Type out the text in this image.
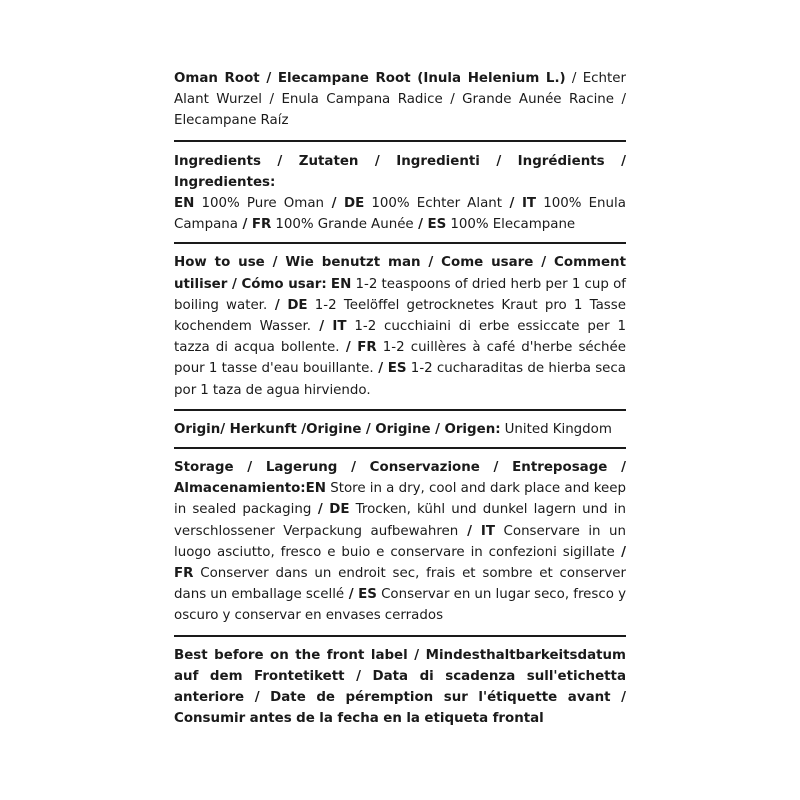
Oman Root / Elecampane Root (Inula Helenium L.) / Echter Alant Wurzel / Enula Campana Radice / Grande Aunée Racine / Elecampane Raíz
Ingredients / Zutaten / Ingredienti / Ingrédients / Ingredientes:
EN 100% Pure Oman / DE 100% Echter Alant / IT 100% Enula Campana / FR 100% Grande Aunée / ES 100% Elecampane
How to use / Wie benutzt man / Come usare / Comment utiliser / Cómo usar: EN 1-2 teaspoons of dried herb per 1 cup of boiling water. / DE 1-2 Teelöffel getrocknetes Kraut pro 1 Tasse kochendem Wasser. / IT 1-2 cucchiaini di erbe essiccate per 1 tazza di acqua bollente. / FR 1-2 cuillères à café d'herbe séchée pour 1 tasse d'eau bouillante. / ES 1-2 cucharaditas de hierba seca por 1 taza de agua hirviendo.
Origin/ Herkunft /Origine / Origine / Origen: United Kingdom
Storage / Lagerung / Conservazione / Entreposage / Almacenamiento:EN Store in a dry, cool and dark place and keep in sealed packaging / DE Trocken, kühl und dunkel lagern und in verschlossener Verpackung aufbewahren / IT Conservare in un luogo asciutto, fresco e buio e conservare in confezioni sigillate / FR Conserver dans un endroit sec, frais et sombre et conserver dans un emballage scellé / ES Conservar en un lugar seco, fresco y oscuro y conservar en envases cerrados
Best before on the front label / Mindesthaltbarkeitsdatum auf dem Frontetikett / Data di scadenza sull'etichetta anteriore / Date de péremption sur l'étiquette avant / Consumir antes de la fecha en la etiqueta frontal
